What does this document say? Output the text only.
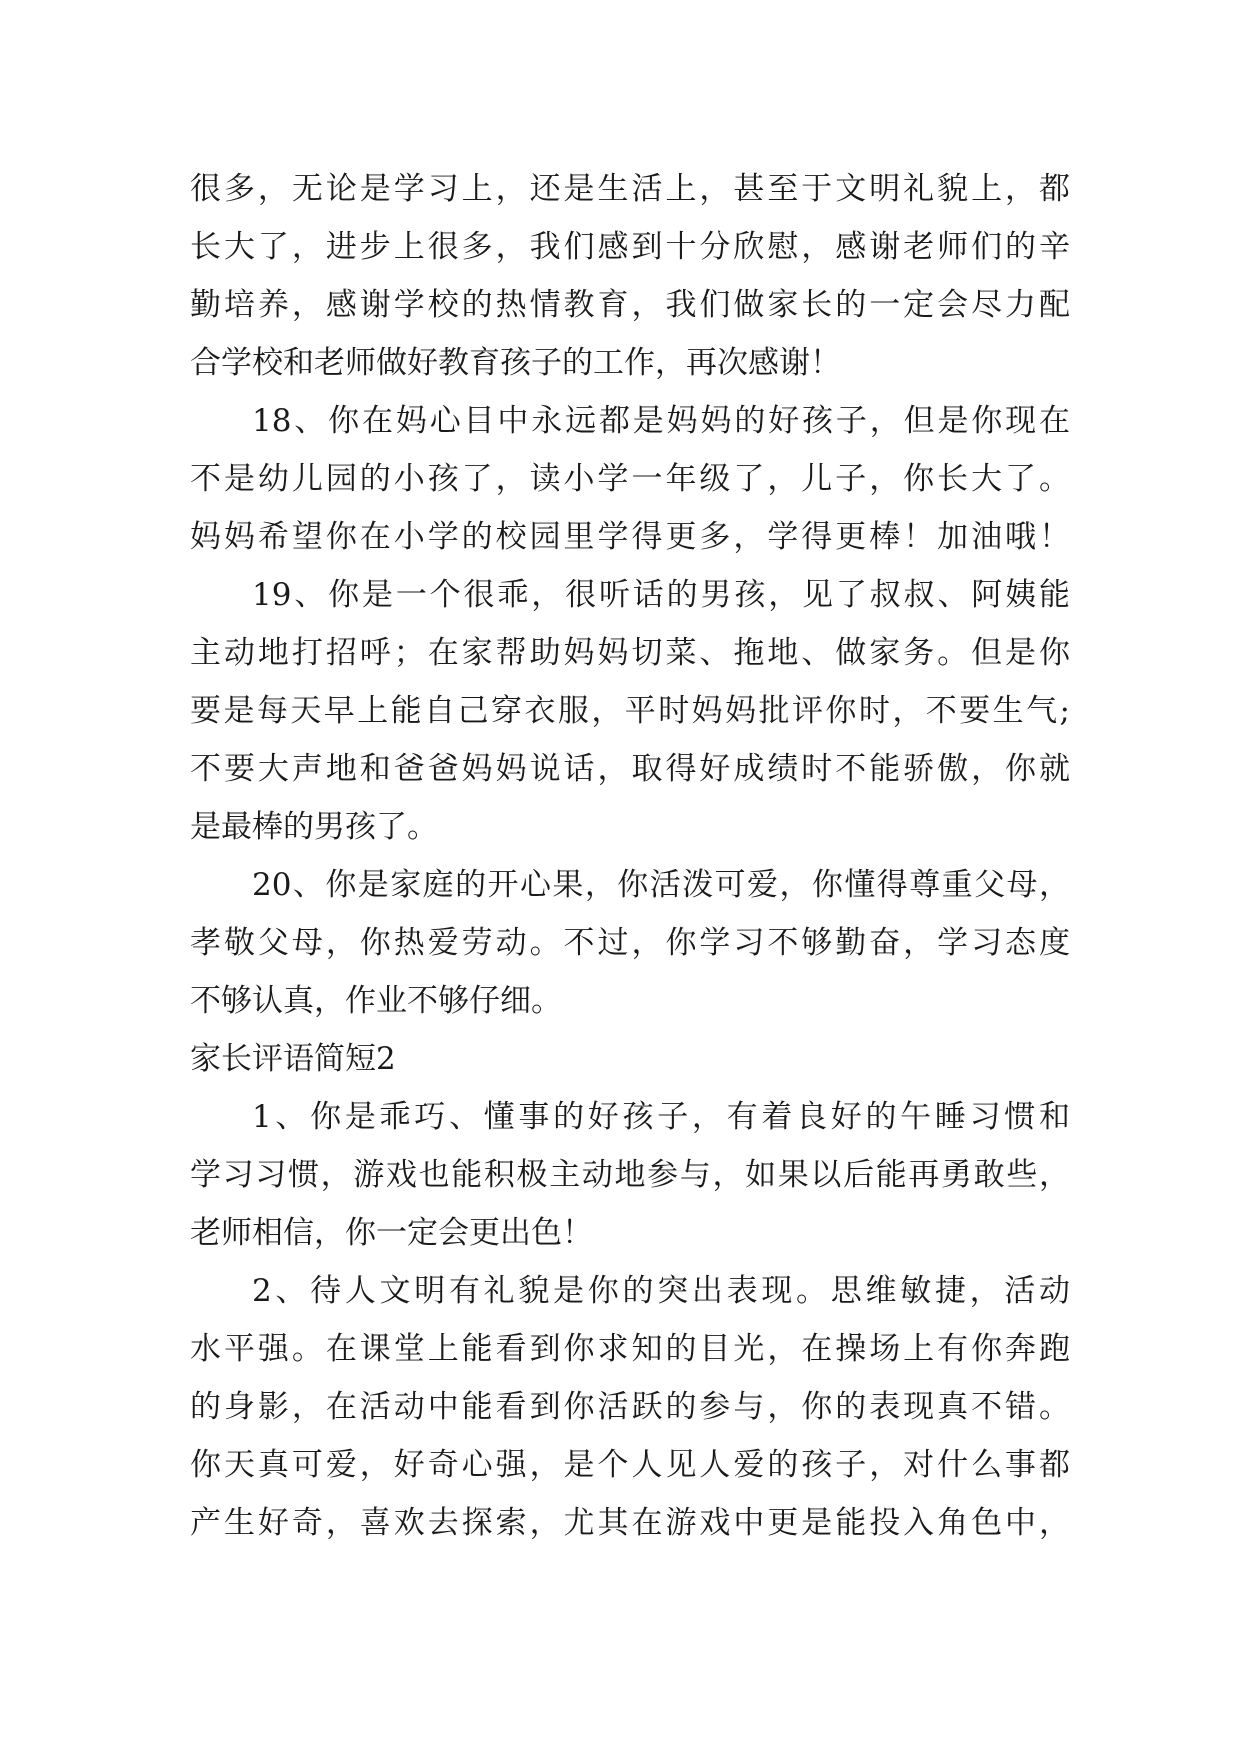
很多，无论是学习上，还是生活上，甚至于文明礼貌上，都
长大了，进步上很多，我们感到十分欣慰，感谢老师们的辛
勤培养，感谢学校的热情教育，我们做家长的一定会尽力配
合学校和老师做好教育孩子的工作，再次感谢！
18、你在妈心目中永远都是妈妈的好孩子，但是你现在
不是幼儿园的小孩了，读小学一年级了，儿子，你长大了。
妈妈希望你在小学的校园里学得更多，学得更棒！加油哦！
19、你是一个很乖，很听话的男孩，见了叔叔、阿姨能
主动地打招呼；在家帮助妈妈切菜、拖地、做家务。但是你
要是每天早上能自己穿衣服，平时妈妈批评你时，不要生气;
不要大声地和爸爸妈妈说话，取得好成绩时不能骄傲，你就
是最棒的男孩了。
20、你是家庭的开心果，你活泼可爱，你懂得尊重父母，
孝敬父母，你热爱劳动。不过，你学习不够勤奋，学习态度
不够认真，作业不够仔细。
家长评语简短2
1、你是乖巧、懂事的好孩子，有着良好的午睡习惯和
学习习惯，游戏也能积极主动地参与，如果以后能再勇敢些，
老师相信，你一定会更出色！
2、待人文明有礼貌是你的突出表现。思维敏捷，活动
水平强。在课堂上能看到你求知的目光，在操场上有你奔跑
的身影，在活动中能看到你活跃的参与，你的表现真不错。
你天真可爱，好奇心强，是个人见人爱的孩子，对什么事都
产生好奇，喜欢去探索，尤其在游戏中更是能投入角色中，
